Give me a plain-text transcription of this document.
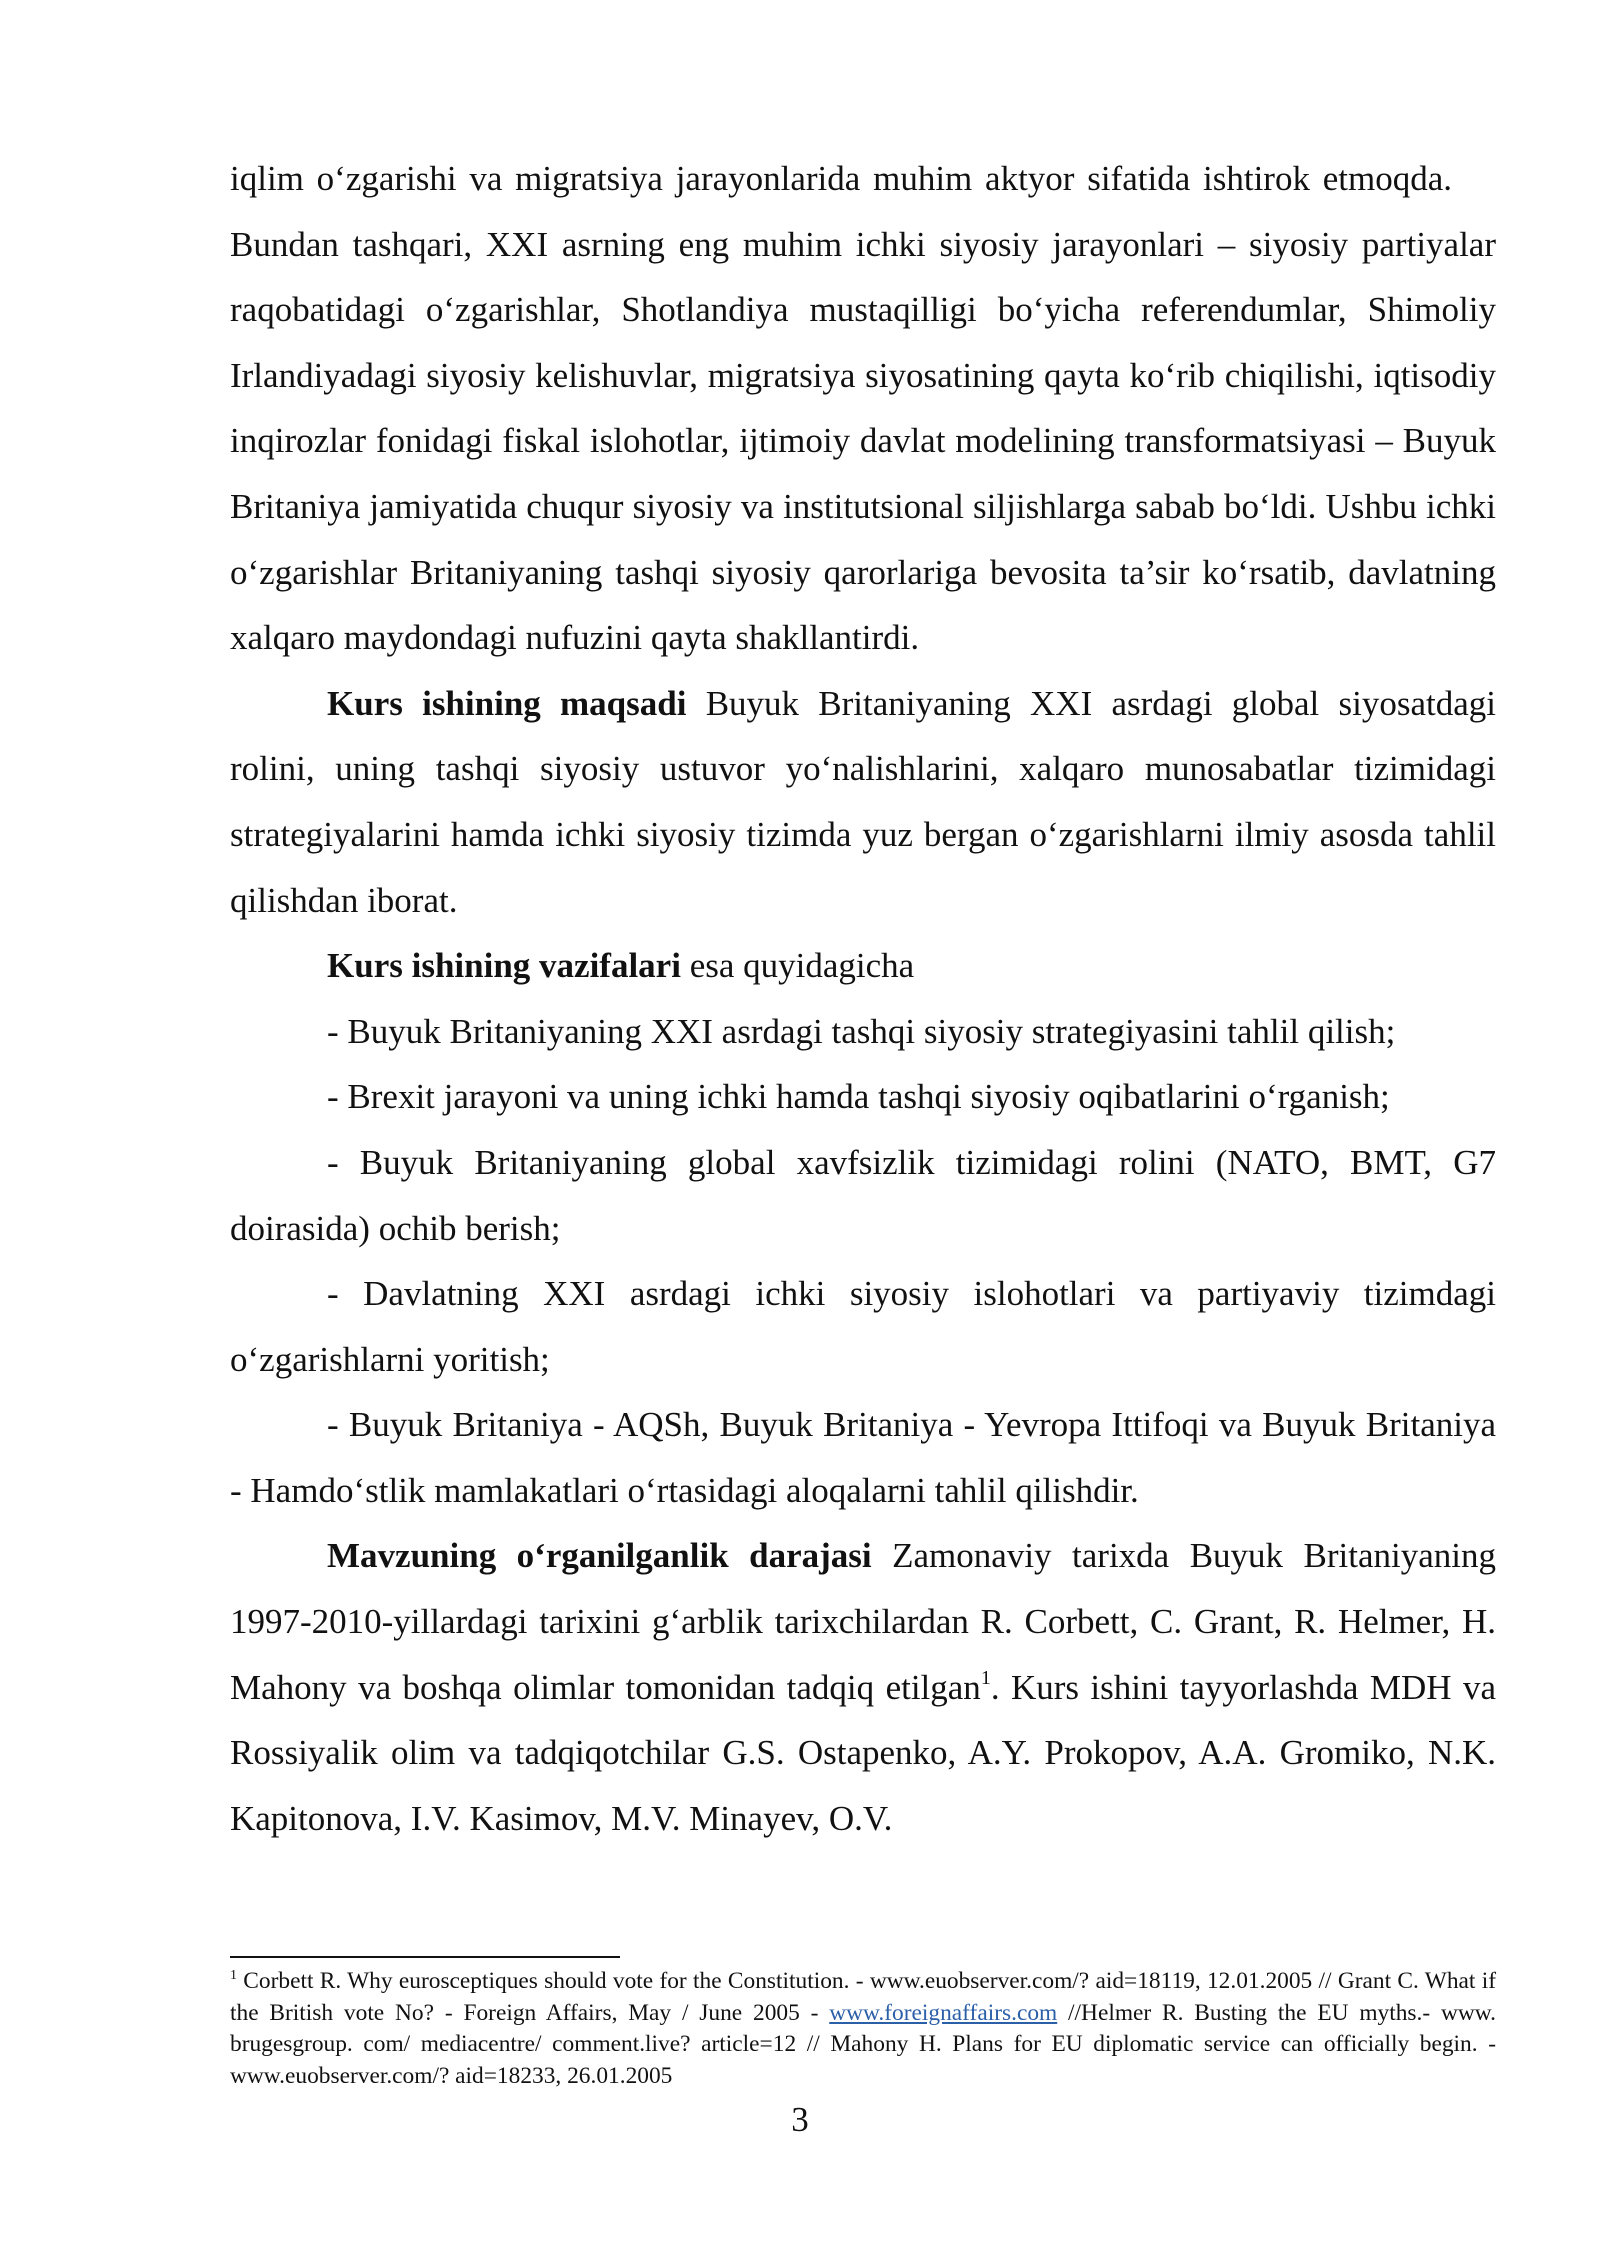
iqlim o‘zgarishi va migratsiya jarayonlarida muhim aktyor sifatida ishtirok etmoqda.Bundan tashqari, XXI asrning eng muhim ichki siyosiy jarayonlari – siyosiy partiyalar raqobatidagi o‘zgarishlar, Shotlandiya mustaqilligi bo‘yicha referendumlar, Shimoliy Irlandiyadagi siyosiy kelishuvlar, migratsiya siyosatining qayta ko‘rib chiqilishi, iqtisodiy inqirozlar fonidagi fiskal islohotlar, ijtimoiy davlat modelining transformatsiyasi – Buyuk Britaniya jamiyatida chuqur siyosiy va institutsional siljishlarga sabab bo‘ldi. Ushbu ichki o‘zgarishlar Britaniyaning tashqi siyosiy qarorlariga bevosita ta’sir ko‘rsatib, davlatning xalqaro maydondagi nufuzini qayta shakllantirdi.

Kurs ishining maqsadi Buyuk Britaniyaning XXI asrdagi global siyosatdagi rolini, uning tashqi siyosiy ustuvor yo‘nalishlarini, xalqaro munosabatlar tizimidagi strategiyalarini hamda ichki siyosiy tizimda yuz bergan o‘zgarishlarni ilmiy asosda tahlil qilishdan iborat.

Kurs ishining vazifalari esa quyidagicha

- Buyuk Britaniyaning XXI asrdagi tashqi siyosiy strategiyasini tahlil qilish;

- Brexit jarayoni va uning ichki hamda tashqi siyosiy oqibatlarini o‘rganish;

- Buyuk Britaniyaning global xavfsizlik tizimidagi rolini (NATO, BMT, G7 doirasida) ochib berish;

- Davlatning XXI asrdagi ichki siyosiy islohotlari va partiyaviy tizimdagi o‘zgarishlarni yoritish;

- Buyuk Britaniya - AQSh, Buyuk Britaniya - Yevropa Ittifoqi va Buyuk Britaniya - Hamdo‘stlik mamlakatlari o‘rtasidagi aloqalarni tahlil qilishdir.

Mavzuning o‘rganilganlik darajasi Zamonaviy tarixda Buyuk Britaniyaning 1997-2010-yillardagi tarixini g‘arblik tarixchilardan R. Corbett, C. Grant, R. Helmer, H. Mahony va boshqa olimlar tomonidan tadqiq etilgan$^1$. Kurs ishini tayyorlashda MDH va Rossiyalik olim va tadqiqotchilar G.S. Ostapenko, A.Y. Prokopov, A.A. Gromiko, N.K. Kapitonova, I.V. Kasimov, M.V. Minayev, O.V.

$^1$ Corbett R. Why eurosceptiques should vote for the Constitution. - www.euobserver.com/? aid=18119, 12.01.2005 // Grant C. What if the British vote No? - Foreign Affairs, May / June 2005 - www.foreignaffairs.com //Helmer R. Busting the EU myths.- www. brugesgroup. com/ mediacentre/ comment.live? article=12 // Mahony H. Plans for EU diplomatic service can officially begin. - www.euobserver.com/? aid=18233, 26.01.2005

3
